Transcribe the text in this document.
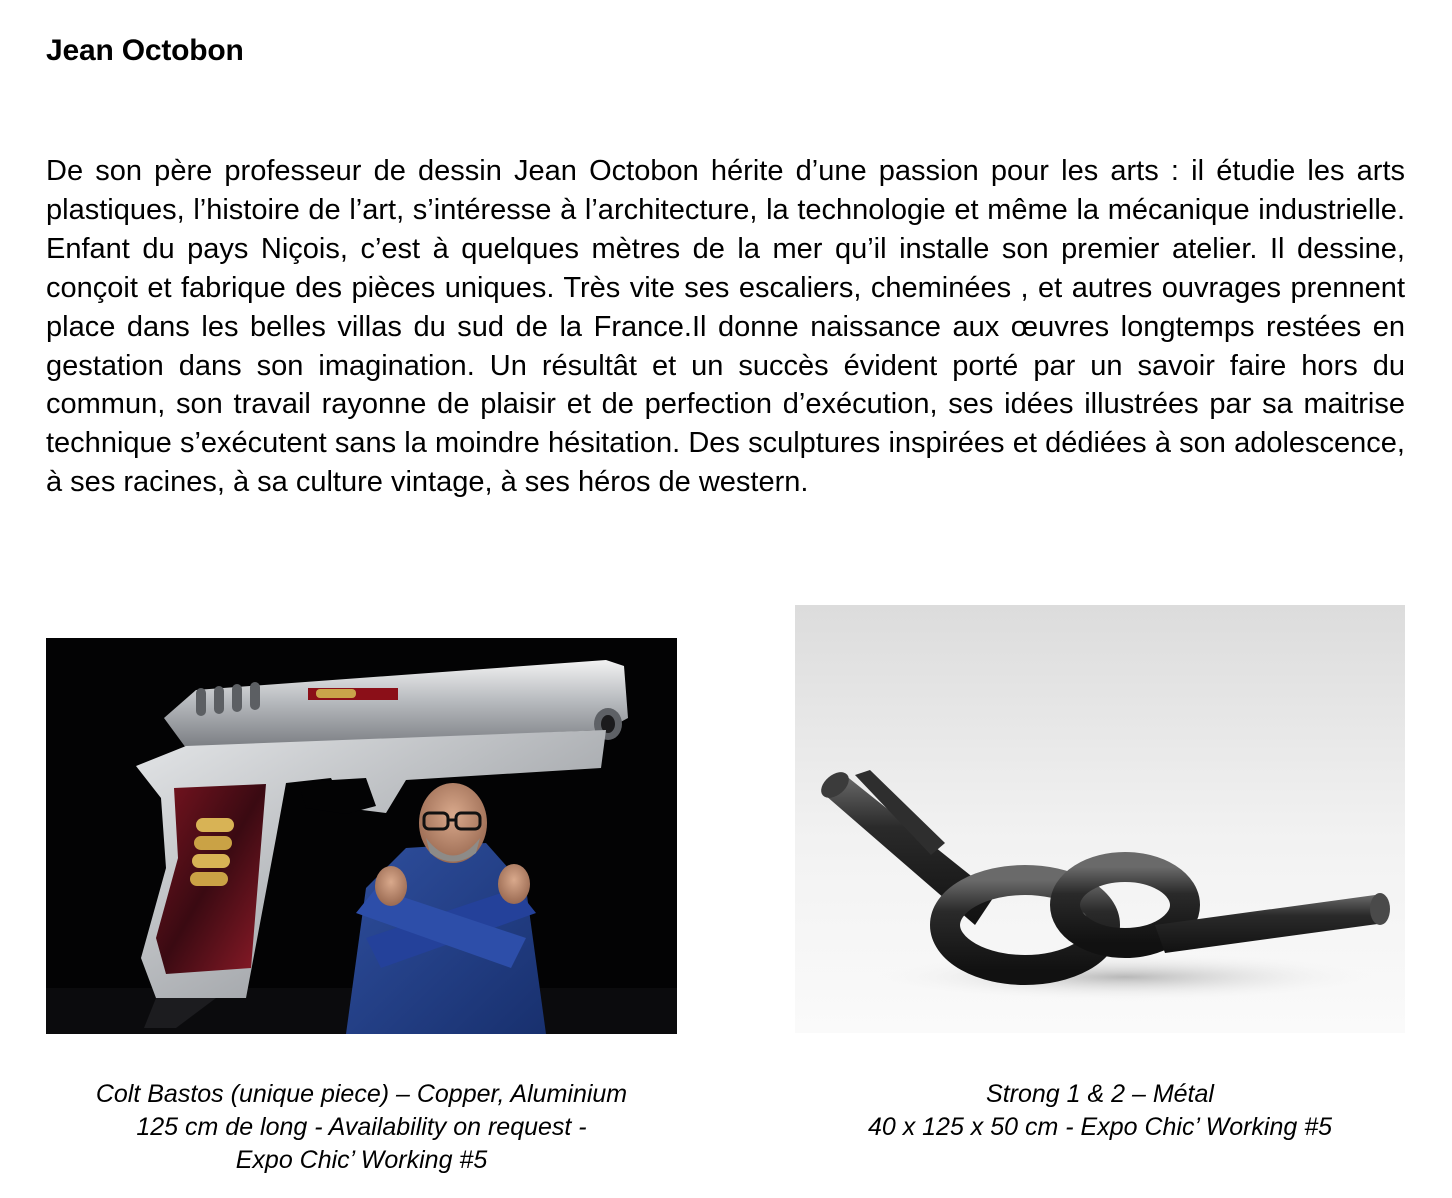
Jean Octobon

De son père professeur de dessin Jean Octobon hérite d’une passion pour les arts : il étudie les arts plastiques, l’histoire de l’art, s’intéresse à l’architecture, la technologie et même la mécanique industrielle. Enfant du pays Niçois, c’est à quelques mètres de la mer qu’il installe son premier atelier. Il dessine, conçoit et fabrique des pièces uniques. Très vite ses escaliers, cheminées , et autres ouvrages prennent place dans les belles villas du sud de la France.Il donne naissance aux œuvres longtemps restées en gestation dans son imagination. Un résultât et un succès évident porté par un savoir faire hors du commun, son travail rayonne de plaisir et de perfection d’exécution, ses idées illustrées par sa maitrise technique s’exécutent sans la moindre hésitation. Des sculptures inspirées et dédiées à son adolescence, à ses racines, à sa culture vintage, à ses héros de western.

Colt Bastos (unique piece) – Copper, Aluminium
125 cm de long - Availability on request -
Expo Chic’ Working #5

Strong 1 & 2 – Métal
40 x 125 x 50 cm - Expo Chic’ Working #5
